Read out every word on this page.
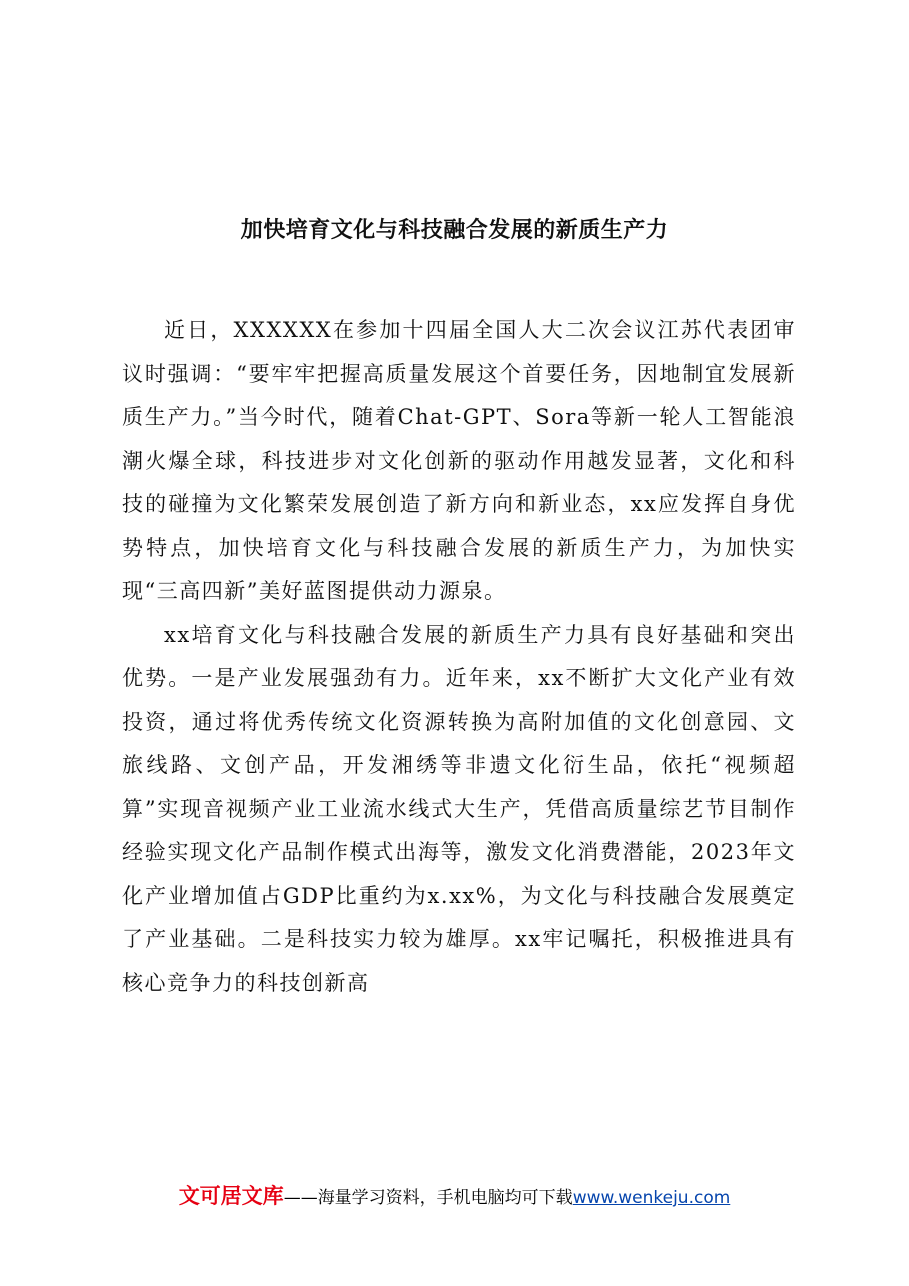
加快培育文化与科技融合发展的新质生产力

近日，XXXXXX在参加十四届全国人大二次会议江苏代表团审议时强调：“要牢牢把握高质量发展这个首要任务，因地制宜发展新质生产力。”当今时代，随着Chat-GPT、Sora等新一轮人工智能浪潮火爆全球，科技进步对文化创新的驱动作用越发显著，文化和科技的碰撞为文化繁荣发展创造了新方向和新业态，xx应发挥自身优势特点，加快培育文化与科技融合发展的新质生产力，为加快实现“三高四新”美好蓝图提供动力源泉。

xx培育文化与科技融合发展的新质生产力具有良好基础和突出优势。一是产业发展强劲有力。近年来，xx不断扩大文化产业有效投资，通过将优秀传统文化资源转换为高附加值的文化创意园、文旅线路、文创产品，开发湘绣等非遗文化衍生品，依托“视频超算”实现音视频产业工业流水线式大生产，凭借高质量综艺节目制作经验实现文化产品制作模式出海等，激发文化消费潜能，2023年文化产业增加值占GDP比重约为x.xx%，为文化与科技融合发展奠定了产业基础。二是科技实力较为雄厚。xx牢记嘱托，积极推进具有核心竞争力的科技创新高

文可居文库——海量学习资料，手机电脑均可下载www.wenkeju.com
